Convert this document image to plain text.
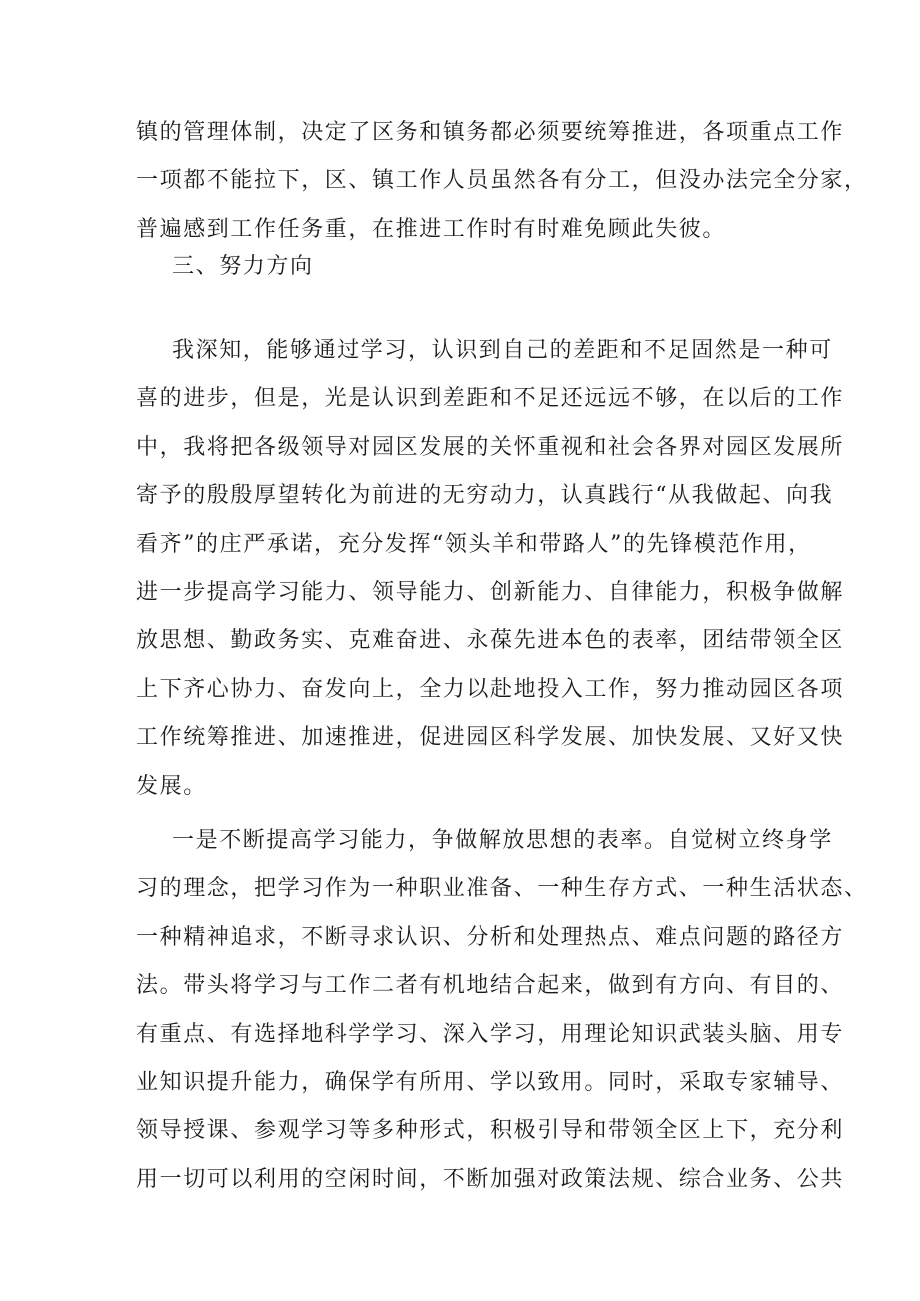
镇的管理体制，决定了区务和镇务都必须要统筹推进，各项重点工作
一项都不能拉下，区、镇工作人员虽然各有分工，但没办法完全分家，
普遍感到工作任务重，在推进工作时有时难免顾此失彼。
三、努力方向
我深知，能够通过学习，认识到自己的差距和不足固然是一种可
喜的进步，但是，光是认识到差距和不足还远远不够，在以后的工作
中，我将把各级领导对园区发展的关怀重视和社会各界对园区发展所
寄予的殷殷厚望转化为前进的无穷动力，认真践行“从我做起、向我
看齐”的庄严承诺，充分发挥“领头羊和带路人”的先锋模范作用，
进一步提高学习能力、领导能力、创新能力、自律能力，积极争做解
放思想、勤政务实、克难奋进、永葆先进本色的表率，团结带领全区
上下齐心协力、奋发向上，全力以赴地投入工作，努力推动园区各项
工作统筹推进、加速推进，促进园区科学发展、加快发展、又好又快
发展。
一是不断提高学习能力，争做解放思想的表率。自觉树立终身学
习的理念，把学习作为一种职业准备、一种生存方式、一种生活状态、
一种精神追求，不断寻求认识、分析和处理热点、难点问题的路径方
法。带头将学习与工作二者有机地结合起来，做到有方向、有目的、
有重点、有选择地科学学习、深入学习，用理论知识武装头脑、用专
业知识提升能力，确保学有所用、学以致用。同时，采取专家辅导、
领导授课、参观学习等多种形式，积极引导和带领全区上下，充分利
用一切可以利用的空闲时间，不断加强对政策法规、综合业务、公共
